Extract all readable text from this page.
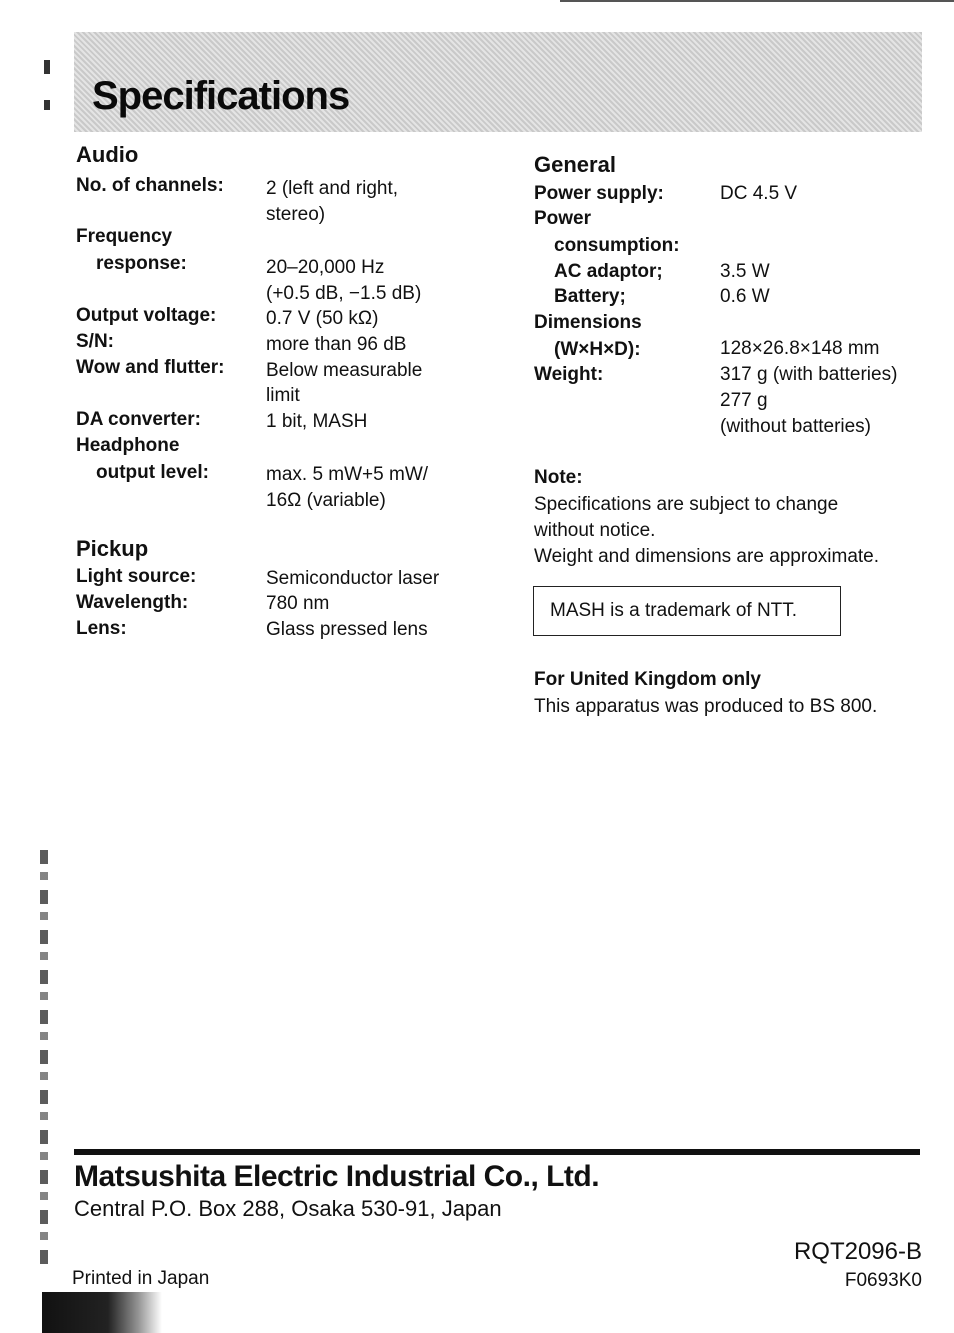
Specifications
Audio
No. of channels: 2 (left and right,
stereo)
Frequency
response:	20–20,000 Hz
(+0.5 dB, −1.5 dB)
Output voltage:	0.7 V (50 kΩ)
S/N:	more than 96 dB
Wow and flutter: Below measurable
limit
DA converter:	1 bit, MASH
Headphone
output level:	max. 5 mW+5 mW/
16Ω (variable)
Pickup
Light source:	Semiconductor laser
Wavelength:	780 nm
Lens:	Glass pressed lens
General
Power supply:	DC 4.5 V
Power
consumption:
AC adaptor;	3.5 W
Battery;	0.6 W
Dimensions
(W×H×D):	128×26.8×148 mm
Weight:	317 g (with batteries)
277 g
(without batteries)
Note:
Specifications are subject to change
without notice.
Weight and dimensions are approximate.
MASH is a trademark of NTT.
For United Kingdom only
This apparatus was produced to BS 800.
Matsushita Electric Industrial Co., Ltd.
Central P.O. Box 288, Osaka 530-91, Japan
Printed in Japan
RQT2096-B
F0693K0
